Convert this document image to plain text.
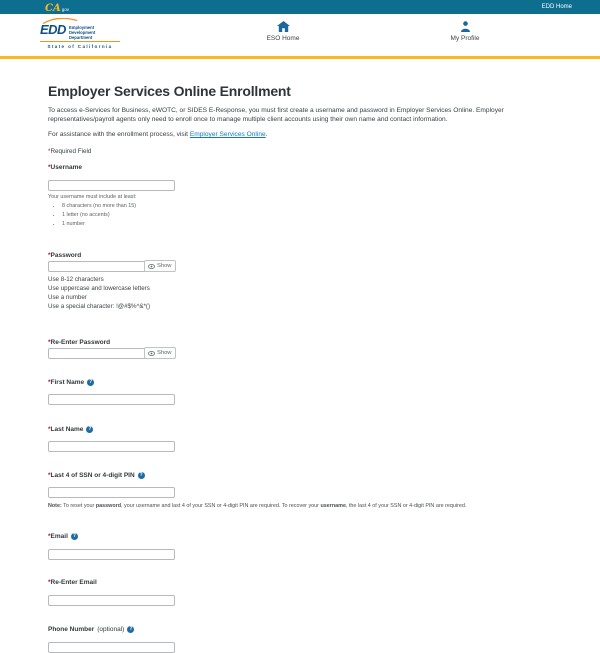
CAgov	EDD Home
EDD Employment
Development
Department
State of California
ESO Home	My Profile
Employer Services Online Enrollment

To access e-Services for Business, eWOTC, or SIDES E-Response, you must first create a username and password in Employer Services Online. Employer representatives/payroll agents only need to enroll once to manage multiple client accounts using their own name and contact information.

For assistance with the enrollment process, visit Employer Services Online.

*Required Field
*Username
Your username must include at least:
• 8 characters (no more than 15)
• 1 letter (no accents)
• 1 number
*Password
Show
Use 8-12 characters
Use uppercase and lowercase letters
Use a number
Use a special character: !@#$%^&*()
*Re-Enter Password
Show
*First Name ?
*Last Name ?
*Last 4 of SSN or 4-digit PIN ?
Note: To reset your password, your username and last 4 of your SSN or 4-digit PIN are required. To recover your username, the last 4 of your SSN or 4-digit PIN are required.
*Email ?
*Re-Enter Email
Phone Number (optional) ?
